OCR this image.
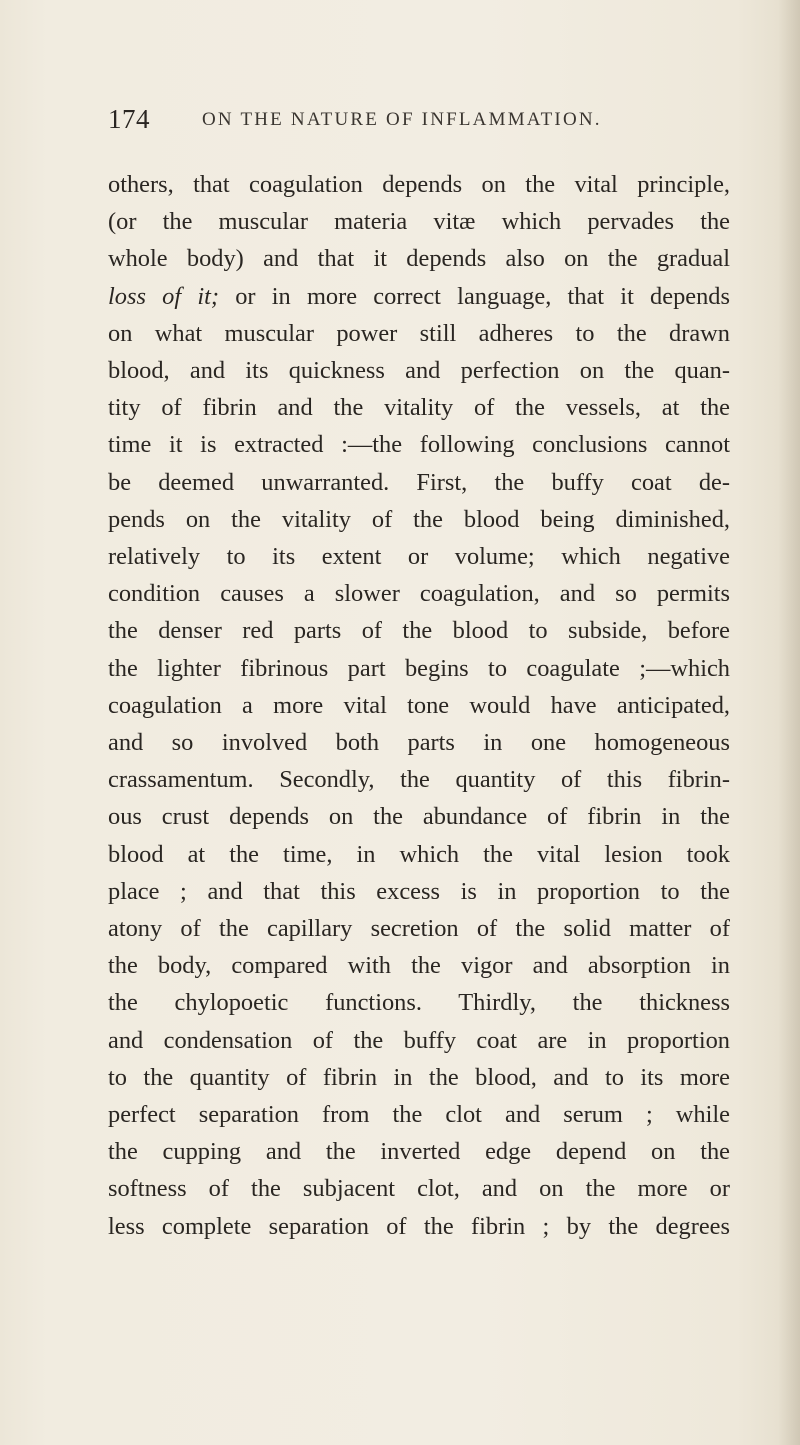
174	ON THE NATURE OF INFLAMMATION.
others, that coagulation depends on the vital principle,
(or the muscular materia vitæ which pervades the
whole body) and that it depends also on the gradual
loss of it; or in more correct language, that it depends
on what muscular power still adheres to the drawn
blood, and its quickness and perfection on the quan-
tity of fibrin and the vitality of the vessels, at the
time it is extracted :—the following conclusions cannot
be deemed unwarranted. First, the buffy coat de-
pends on the vitality of the blood being diminished,
relatively to its extent or volume; which negative
condition causes a slower coagulation, and so permits
the denser red parts of the blood to subside, before
the lighter fibrinous part begins to coagulate ;—which
coagulation a more vital tone would have anticipated,
and so involved both parts in one homogeneous
crassamentum. Secondly, the quantity of this fibrin-
ous crust depends on the abundance of fibrin in the
blood at the time, in which the vital lesion took
place ; and that this excess is in proportion to the
atony of the capillary secretion of the solid matter of
the body, compared with the vigor and absorption in
the chylopoetic functions. Thirdly, the thickness
and condensation of the buffy coat are in proportion
to the quantity of fibrin in the blood, and to its more
perfect separation from the clot and serum ; while
the cupping and the inverted edge depend on the
softness of the subjacent clot, and on the more or
less complete separation of the fibrin ; by the degrees
